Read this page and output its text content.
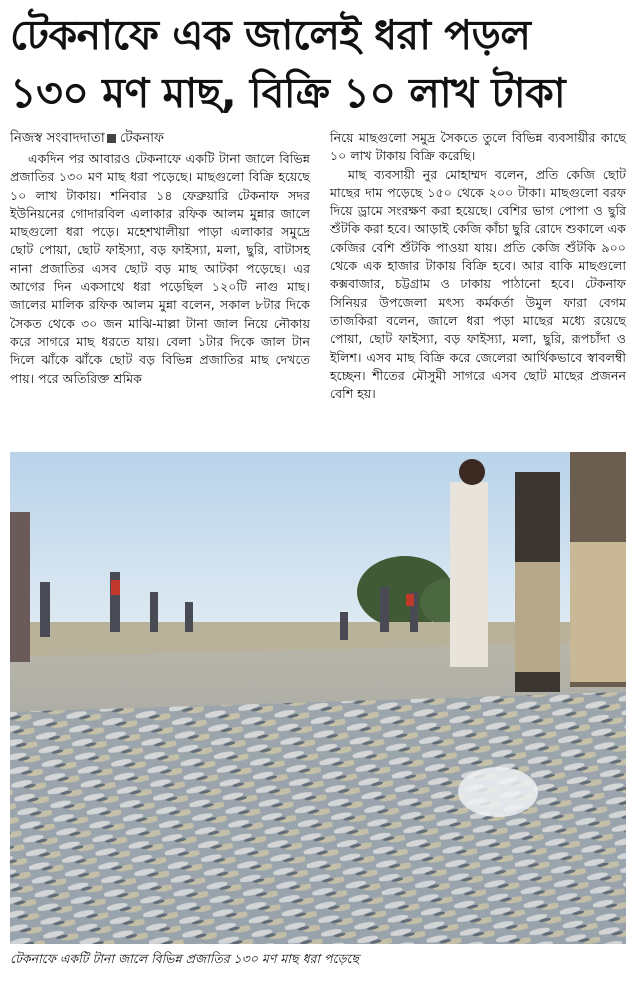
টেকনাফে এক জালেই ধরা পড়ল
১৩০ মণ মাছ, বিক্রি ১০ লাখ টাকা
নিজস্ব সংবাদদাতা টেকনাফ

একদিন পর আবারও টেকনাফে একটি টানা জালে বিভিন্ন প্রজাতির ১৩০ মণ মাছ ধরা পড়েছে। মাছগুলো বিক্রি হয়েছে ১০ লাখ টাকায়। শনিবার ১৪ ফেব্রুয়ারি টেকনাফ সদর ইউনিয়নের গোদারবিল এলাকার রফিক আলম মুন্নার জালে মাছগুলো ধরা পড়ে। মহেশখালীয়া পাড়া এলাকার সমুদ্রে ছোট পোয়া, ছোট ফাইস্যা, বড় ফাইস্যা, মলা, ছুরি, বাটাসহ নানা প্রজাতির এসব ছোট বড় মাছ আটকা পড়েছে। এর আগের দিন একসাথে ধরা পড়েছিল ১২০টি নাগু মাছ। জালের মালিক রফিক আলম মুন্না বলেন, সকাল ৮টার দিকে সৈকত থেকে ৩০ জন মাঝি-মাল্লা টানা জাল নিয়ে নৌকায় করে সাগরে মাছ ধরতে যায়। বেলা ১টার দিকে জাল টান দিলে ঝাঁকে ঝাঁকে ছোট বড় বিভিন্ন প্রজাতির মাছ দেখতে পায়। পরে অতিরিক্ত শ্রমিক

নিয়ে মাছগুলো সমুদ্র সৈকতে তুলে বিভিন্ন ব্যবসায়ীর কাছে ১০ লাখ টাকায় বিক্রি করেছি।

মাছ ব্যবসায়ী নুর মোহাম্মদ বলেন, প্রতি কেজি ছোট মাছের দাম পড়েছে ১৫০ থেকে ২০০ টাকা। মাছগুলো বরফ দিয়ে ড্রামে সংরক্ষণ করা হয়েছে। বেশির ভাগ পোপা ও ছুরি শুঁটকি করা হবে। আড়াই কেজি কাঁচা ছুরি রোদে শুকালে এক কেজির বেশি শুঁটকি পাওয়া যায়। প্রতি কেজি শুঁটকি ৯০০ থেকে এক হাজার টাকায় বিক্রি হবে। আর বাকি মাছগুলো কক্সবাজার, চট্টগ্রাম ও ঢাকায় পাঠানো হবে। টেকনাফ সিনিয়র উপজেলা মৎস্য কর্মকর্তা উমুল ফারা বেগম তাজকিরা বলেন, জালে ধরা পড়া মাছের মধ্যে রয়েছে পোয়া, ছোট ফাইস্যা, বড় ফাইস্যা, মলা, ছুরি, রূপচাঁদা ও ইলিশ। এসব মাছ বিক্রি করে জেলেরা আর্থিকভাবে স্বাবলম্বী হচ্ছেন। শীতের মৌসুমী সাগরে এসব ছোট মাছের প্রজনন বেশি হয়।

টেকনাফে একটি টানা জালে বিভিন্ন প্রজাতির ১৩০ মণ মাছ ধরা পড়েছে
